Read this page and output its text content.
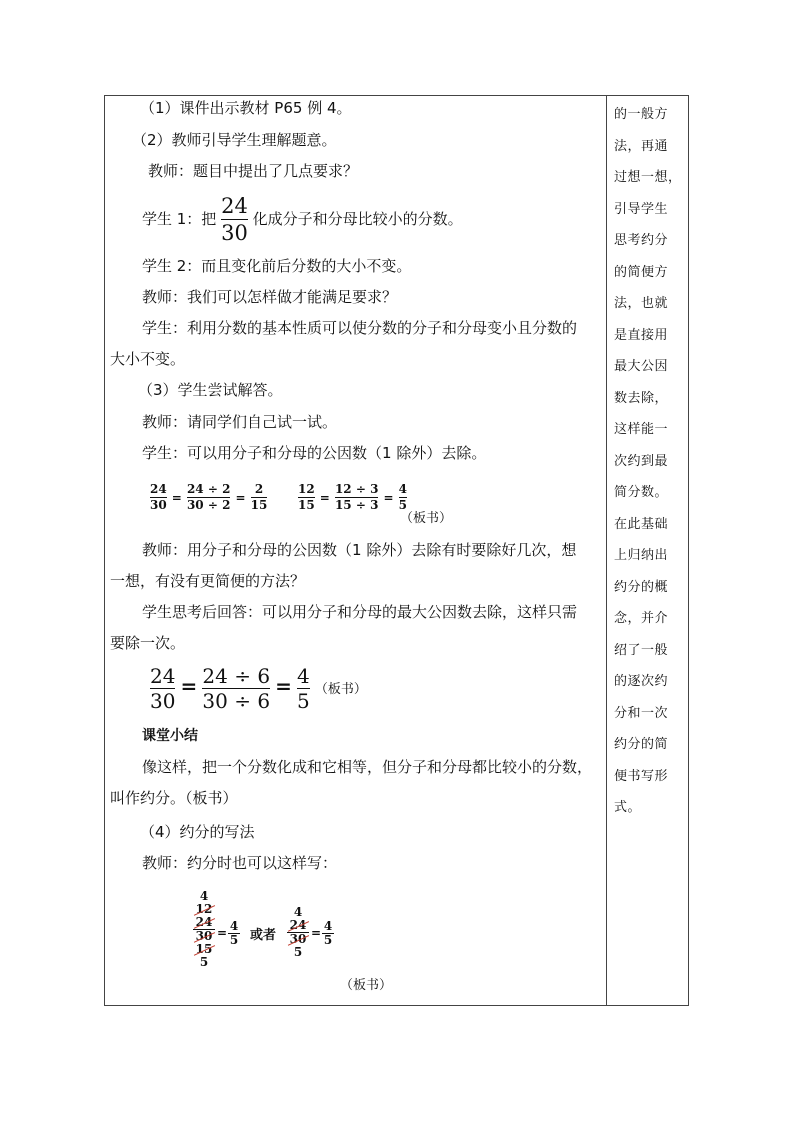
（1）课件出示教材 P65 例 4。
（2）教师引导学生理解题意。
教师：题目中提出了几点要求？
学生 1：把 $\frac{24}{30}$ 化成分子和分母比较小的分数。
学生 2：而且变化前后分数的大小不变。
教师：我们可以怎样做才能满足要求？
学生：利用分数的基本性质可以使分数的分子和分母变小且分数的
大小不变。
（3）学生尝试解答。
教师：请同学们自己试一试。
学生：可以用分子和分母的公因数（1 除外）去除。
$\frac{24}{30} = \frac{24 \div 2}{30 \div 2} = \frac{2}{15}$	$\frac{12}{15} = \frac{12 \div 3}{15 \div 3} = \frac{4}{5}$
（板书）
教师：用分子和分母的公因数（1 除外）去除有时要除好几次，想
一想，有没有更简便的方法？
学生思考后回答：可以用分子和分母的最大公因数去除，这样只需
要除一次。
$\frac{24}{30} = \frac{24 \div 6}{30 \div 6} = \frac{4}{5}$ （板书）
课堂小结
像这样，把一个分数化成和它相等，但分子和分母都比较小的分数，
叫作约分。（板书）
（4）约分的写法
教师：约分时也可以这样写：
4
12
24
30
15
5
= $\frac{4}{5}$ 或者
4
24
30
5
= $\frac{4}{5}$
（板书）
的一般方
法，再通
过想一想，
引导学生
思考约分
的简便方
法，也就
是直接用
最大公因
数去除，
这样能一
次约到最
简分数。
在此基础
上归纳出
约分的概
念，并介
绍了一般
的逐次约
分和一次
约分的简
便书写形
式。
